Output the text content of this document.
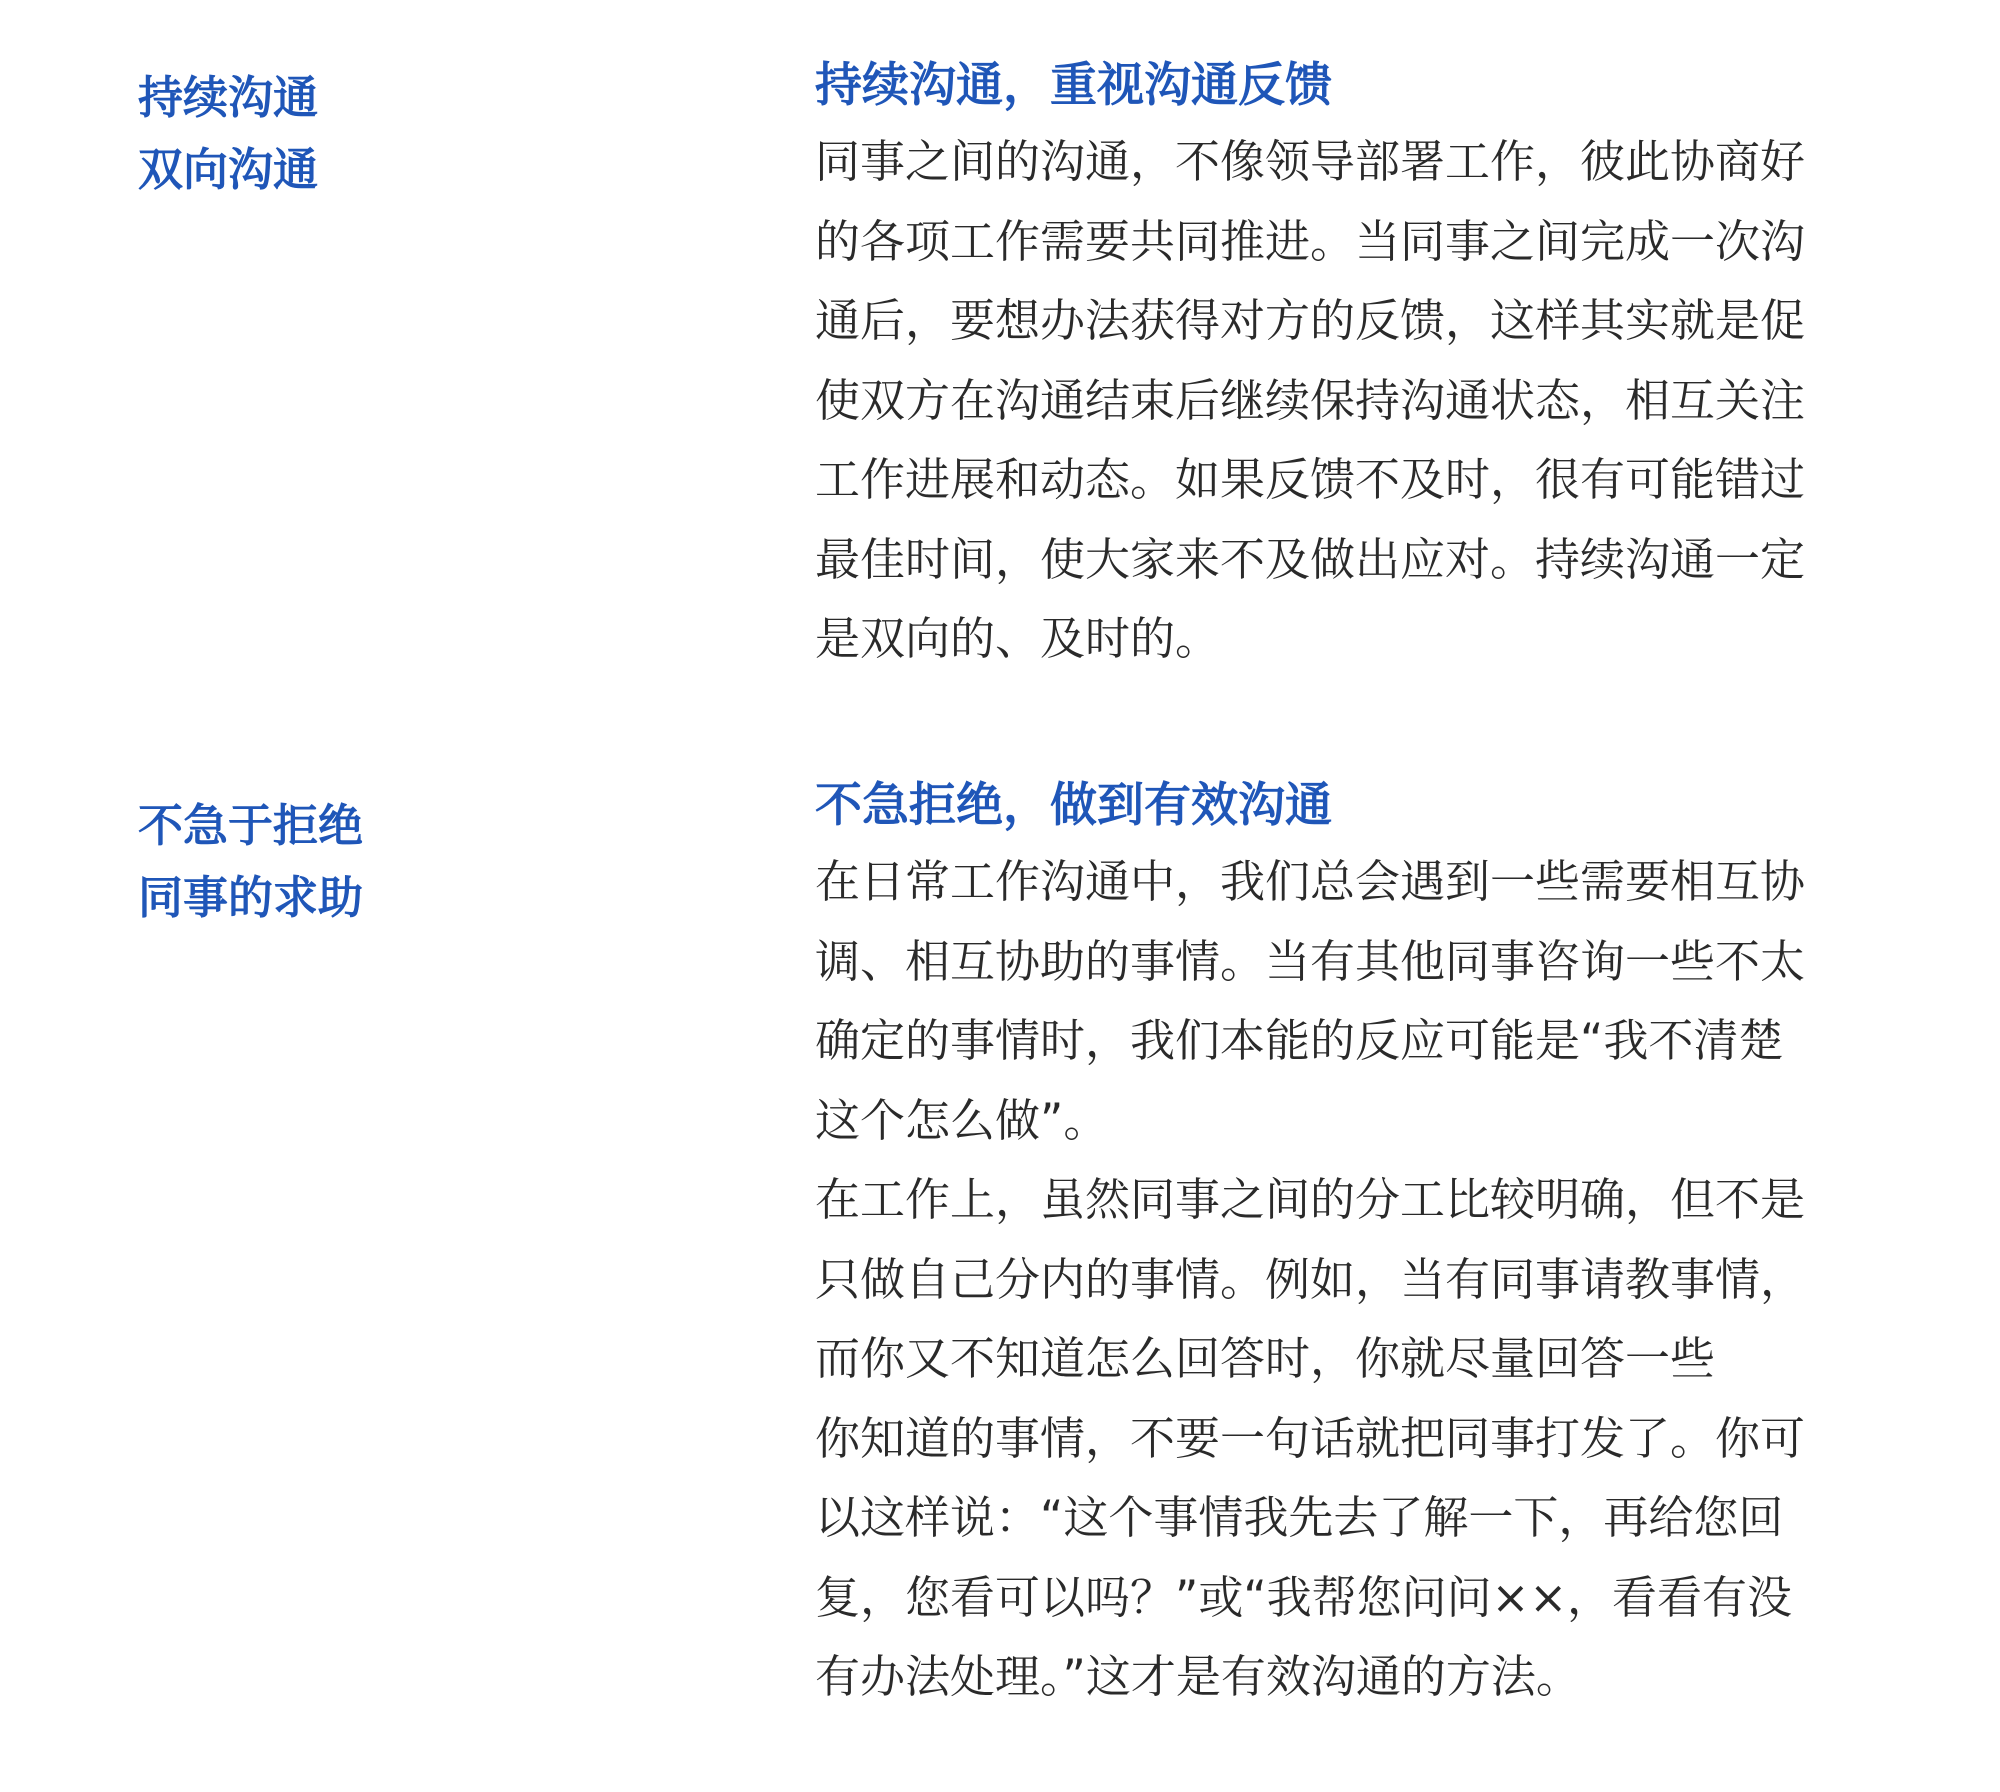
持续沟通
双向沟通
持续沟通，重视沟通反馈

同事之间的沟通，不像领导部署工作，彼此协商好
的各项工作需要共同推进。当同事之间完成一次沟
通后，要想办法获得对方的反馈，这样其实就是促
使双方在沟通结束后继续保持沟通状态，相互关注
工作进展和动态。如果反馈不及时，很有可能错过
最佳时间，使大家来不及做出应对。持续沟通一定
是双向的、及时的。

不急于拒绝
同事的求助
不急拒绝，做到有效沟通

在日常工作沟通中，我们总会遇到一些需要相互协
调、相互协助的事情。当有其他同事咨询一些不太
确定的事情时，我们本能的反应可能是“我不清楚
这个怎么做”。
在工作上，虽然同事之间的分工比较明确，但不是
只做自己分内的事情。例如，当有同事请教事情，
而你又不知道怎么回答时，你就尽量回答一些
你知道的事情，不要一句话就把同事打发了。你可
以这样说：“这个事情我先去了解一下，再给您回
复，您看可以吗？”或“我帮您问问××，看看有没
有办法处理。”这才是有效沟通的方法。
